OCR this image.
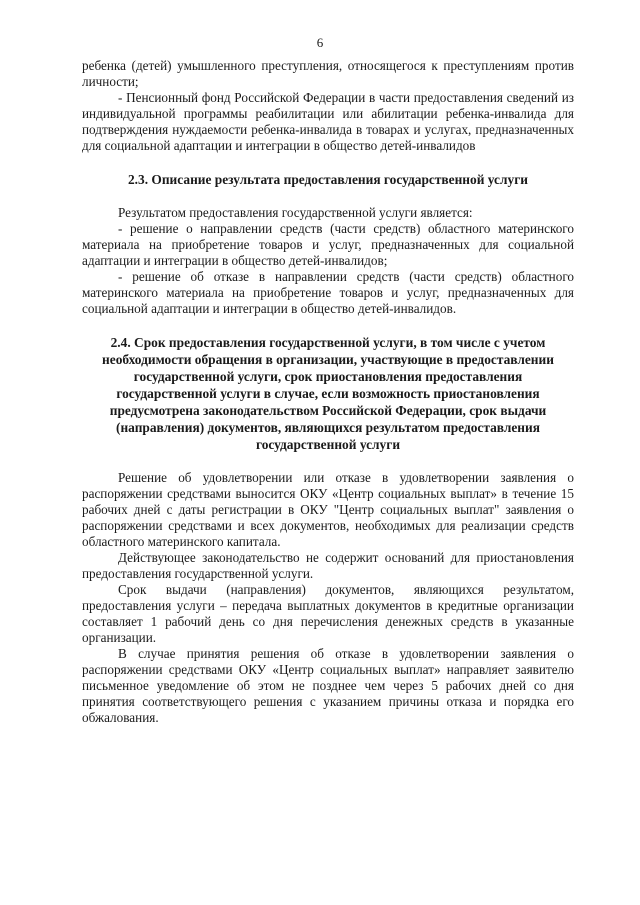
6

ребенка (детей) умышленного преступления, относящегося к преступлениям против личности;

- Пенсионный фонд Российской Федерации в части предоставления сведений из индивидуальной программы реабилитации или абилитации ребенка-инвалида для подтверждения нуждаемости ребенка-инвалида в товарах и услугах, предназначенных для социальной адаптации и интеграции в общество детей-инвалидов

2.3. Описание результата предоставления государственной услуги

Результатом предоставления государственной услуги является:

- решение о направлении средств (части средств) областного материнского материала на приобретение товаров и услуг, предназначенных для социальной адаптации и интеграции в общество детей-инвалидов;

- решение об отказе в направлении средств (части средств) областного материнского материала на приобретение товаров и услуг, предназначенных для социальной адаптации и интеграции в общество детей-инвалидов.

2.4. Срок предоставления государственной услуги, в том числе с учетом необходимости обращения в организации, участвующие в предоставлении государственной услуги, срок приостановления предоставления государственной услуги в случае, если возможность приостановления предусмотрена законодательством Российской Федерации, срок выдачи (направления) документов, являющихся результатом предоставления государственной услуги

Решение об удовлетворении или отказе в удовлетворении заявления о распоряжении средствами выносится ОКУ «Центр социальных выплат» в течение 15 рабочих дней с даты регистрации в ОКУ "Центр социальных выплат" заявления о распоряжении средствами и всех документов, необходимых для реализации средств областного материнского капитала.

Действующее законодательство не содержит оснований для приостановления предоставления государственной услуги.

Срок выдачи (направления) документов, являющихся результатом, предоставления услуги – передача выплатных документов в кредитные организации составляет 1 рабочий день со дня перечисления денежных средств в указанные организации.

В случае принятия решения об отказе в удовлетворении заявления о распоряжении средствами ОКУ «Центр социальных выплат» направляет заявителю письменное уведомление об этом не позднее чем через 5 рабочих дней со дня принятия соответствующего решения с указанием причины отказа и порядка его обжалования.
